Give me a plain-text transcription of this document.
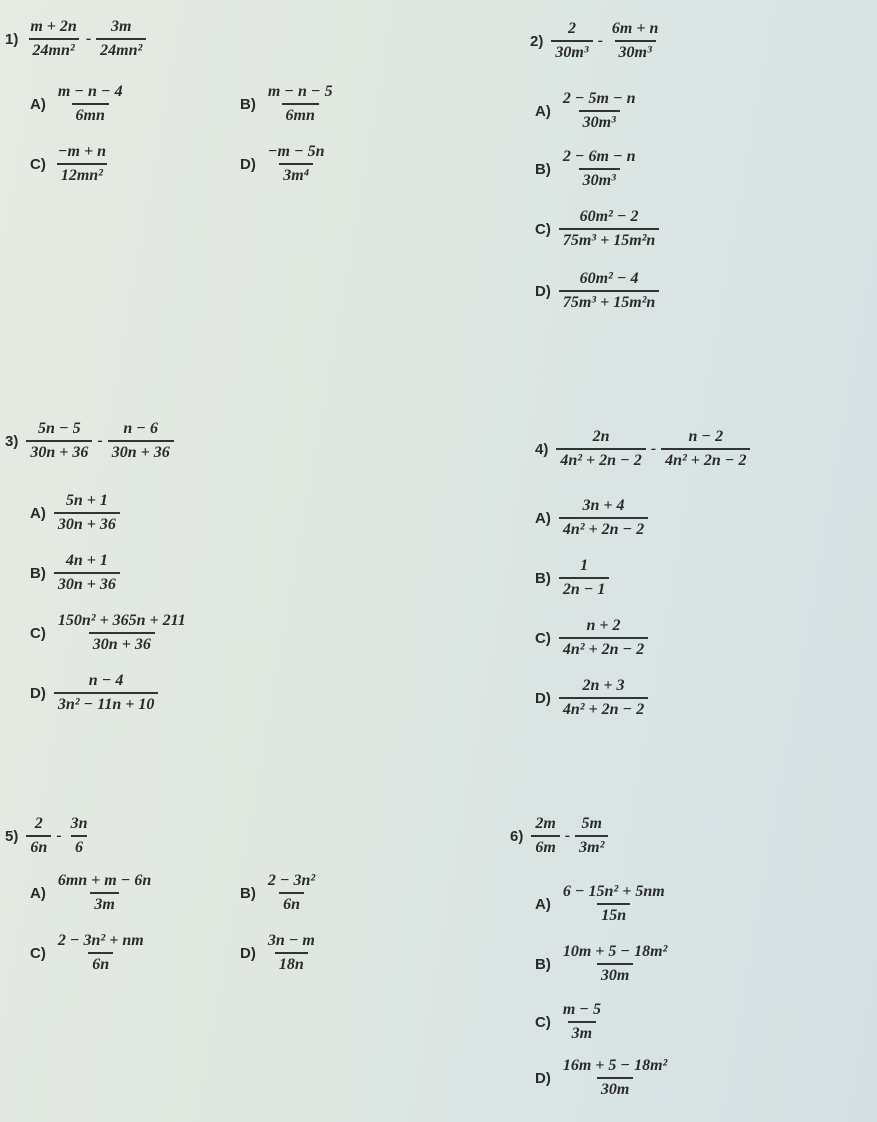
$1) \frac{m + 2n}{\text{24mn²}} - \frac{3m}{\text{24mn²}}$
$A) \frac{m - n - 4}{6mn}$	$B) \frac{m - n - 5}{6mn}$
$C) \frac{-m + n}{\text{12mn²}}$	$D) \frac{-m - 5n}{\text{3m⁴}}$
$2) \frac{2}{\text{30m³}} - \frac{6m + n}{\text{30m³}}$
$A) \frac{2 - 5m - n}{\text{30m³}}$
$B) \frac{2 - 6m - n}{\text{30m³}}$
$C) \frac{\text{60m² − 2}}{\text{75m³ + 15m²n}}$
$D) \frac{\text{60m² − 4}}{\text{75m³ + 15m²n}}$
$3) \frac{5n - 5}{30n + 36} - \frac{n - 6}{30n + 36}$
$A) \frac{5n + 1}{30n + 36}$
$B) \frac{4n + 1}{30n + 36}$
$C) \frac{\text{150n² + 365n + 211}}{30n + 36}$
$D) \frac{n - 4}{\text{3n² − 11n + 10}}$
$4) \frac{2n}{\text{4n² + 2n − 2}} - \frac{n - 2}{\text{4n² + 2n − 2}}$
$A) \frac{3n + 4}{\text{4n² + 2n − 2}}$
$B) \frac{1}{2n - 1}$
$C) \frac{n + 2}{\text{4n² + 2n − 2}}$
$D) \frac{2n + 3}{\text{4n² + 2n − 2}}$
$5) \frac{2}{6n} - \frac{3n}{6}$
$A) \frac{6mn + m - 6n}{3m}$	$B) \frac{\text{2 − 3n²}}{6n}$
$C) \frac{\text{2 − 3n² + nm}}{6n}$	$D) \frac{3n - m}{18n}$
$6) \frac{2m}{6m} - \frac{5m}{\text{3m²}}$
$A) \frac{\text{6 − 15n² + 5nm}}{15n}$
$B) \frac{\text{10m + 5 − 18m²}}{30m}$
$C) \frac{m - 5}{3m}$
$D) \frac{\text{16m + 5 − 18m²}}{30m}$
